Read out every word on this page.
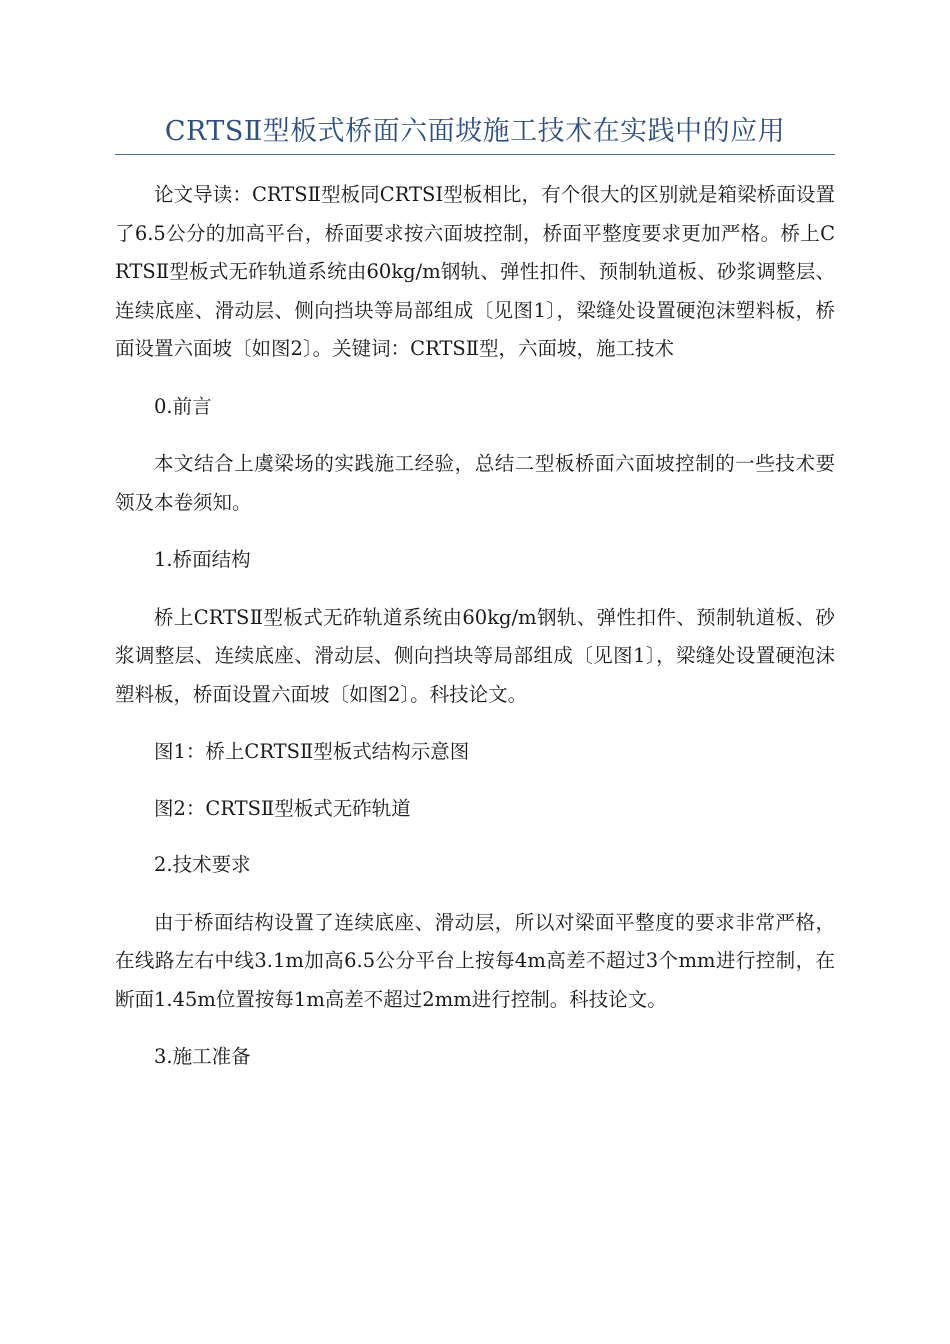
CRTSⅡ型板式桥面六面坡施工技术在实践中的应用

论文导读：CRTSⅡ型板同CRTSⅠ型板相比，有个很大的区别就是箱梁桥面设置了6.5公分的加高平台，桥面要求按六面坡控制，桥面平整度要求更加严格。桥上CRTSⅡ型板式无砟轨道系统由60kg/m钢轨、弹性扣件、预制轨道板、砂浆调整层、连续底座、滑动层、侧向挡块等局部组成〔见图1〕，梁缝处设置硬泡沫塑料板，桥面设置六面坡〔如图2〕。关键词：CRTSⅡ型，六面坡，施工技术

0.前言

本文结合上虞梁场的实践施工经验，总结二型板桥面六面坡控制的一些技术要领及本卷须知。

1.桥面结构

桥上CRTSⅡ型板式无砟轨道系统由60kg/m钢轨、弹性扣件、预制轨道板、砂浆调整层、连续底座、滑动层、侧向挡块等局部组成〔见图1〕，梁缝处设置硬泡沫塑料板，桥面设置六面坡〔如图2〕。科技论文。

图1：桥上CRTSⅡ型板式结构示意图

图2：CRTSⅡ型板式无砟轨道

2.技术要求

由于桥面结构设置了连续底座、滑动层，所以对梁面平整度的要求非常严格，在线路左右中线3.1m加高6.5公分平台上按每4m高差不超过3个mm进行控制，在断面1.45m位置按每1m高差不超过2mm进行控制。科技论文。

3.施工准备
